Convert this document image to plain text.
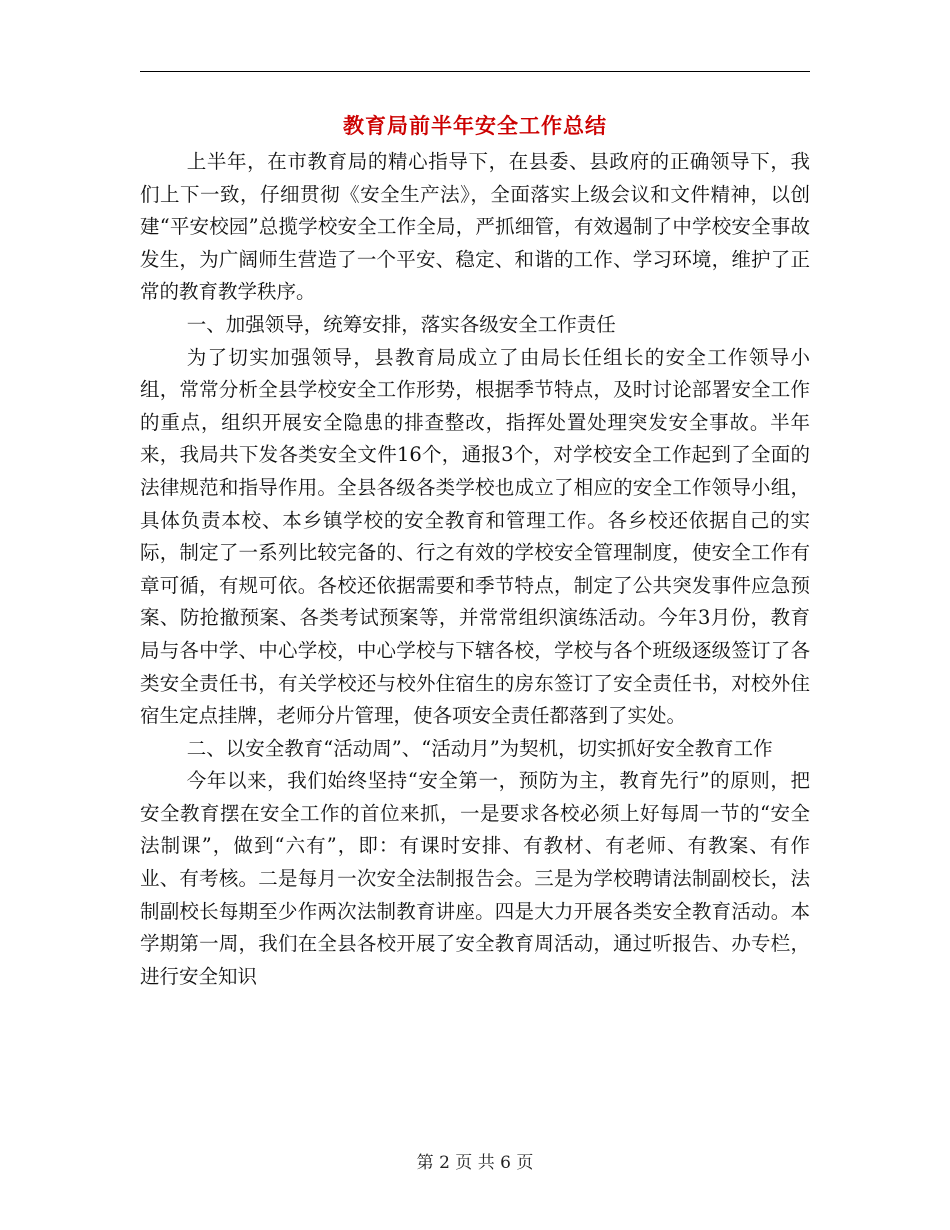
教育局前半年安全工作总结

上半年，在市教育局的精心指导下，在县委、县政府的正确领导下，我们上下一致，仔细贯彻《安全生产法》，全面落实上级会议和文件精神，以创建“平安校园”总揽学校安全工作全局，严抓细管，有效遏制了中学校安全事故发生，为广阔师生营造了一个平安、稳定、和谐的工作、学习环境，维护了正常的教育教学秩序。

一、加强领导，统筹安排，落实各级安全工作责任

为了切实加强领导，县教育局成立了由局长任组长的安全工作领导小组，常常分析全县学校安全工作形势，根据季节特点，及时讨论部署安全工作的重点，组织开展安全隐患的排查整改，指挥处置处理突发安全事故。半年来，我局共下发各类安全文件16个，通报3个，对学校安全工作起到了全面的法律规范和指导作用。全县各级各类学校也成立了相应的安全工作领导小组，具体负责本校、本乡镇学校的安全教育和管理工作。各乡校还依据自己的实际，制定了一系列比较完备的、行之有效的学校安全管理制度，使安全工作有章可循，有规可依。各校还依据需要和季节特点，制定了公共突发事件应急预案、防抢撤预案、各类考试预案等，并常常组织演练活动。今年3月份，教育局与各中学、中心学校，中心学校与下辖各校，学校与各个班级逐级签订了各类安全责任书，有关学校还与校外住宿生的房东签订了安全责任书，对校外住宿生定点挂牌，老师分片管理，使各项安全责任都落到了实处。

二、以安全教育“活动周”、“活动月”为契机，切实抓好安全教育工作

今年以来，我们始终坚持“安全第一，预防为主，教育先行”的原则，把安全教育摆在安全工作的首位来抓，一是要求各校必须上好每周一节的“安全法制课”，做到“六有”，即：有课时安排、有教材、有老师、有教案、有作业、有考核。二是每月一次安全法制报告会。三是为学校聘请法制副校长，法制副校长每期至少作两次法制教育讲座。四是大力开展各类安全教育活动。本学期第一周，我们在全县各校开展了安全教育周活动，通过听报告、办专栏，进行安全知识

第 2 页 共 6 页
